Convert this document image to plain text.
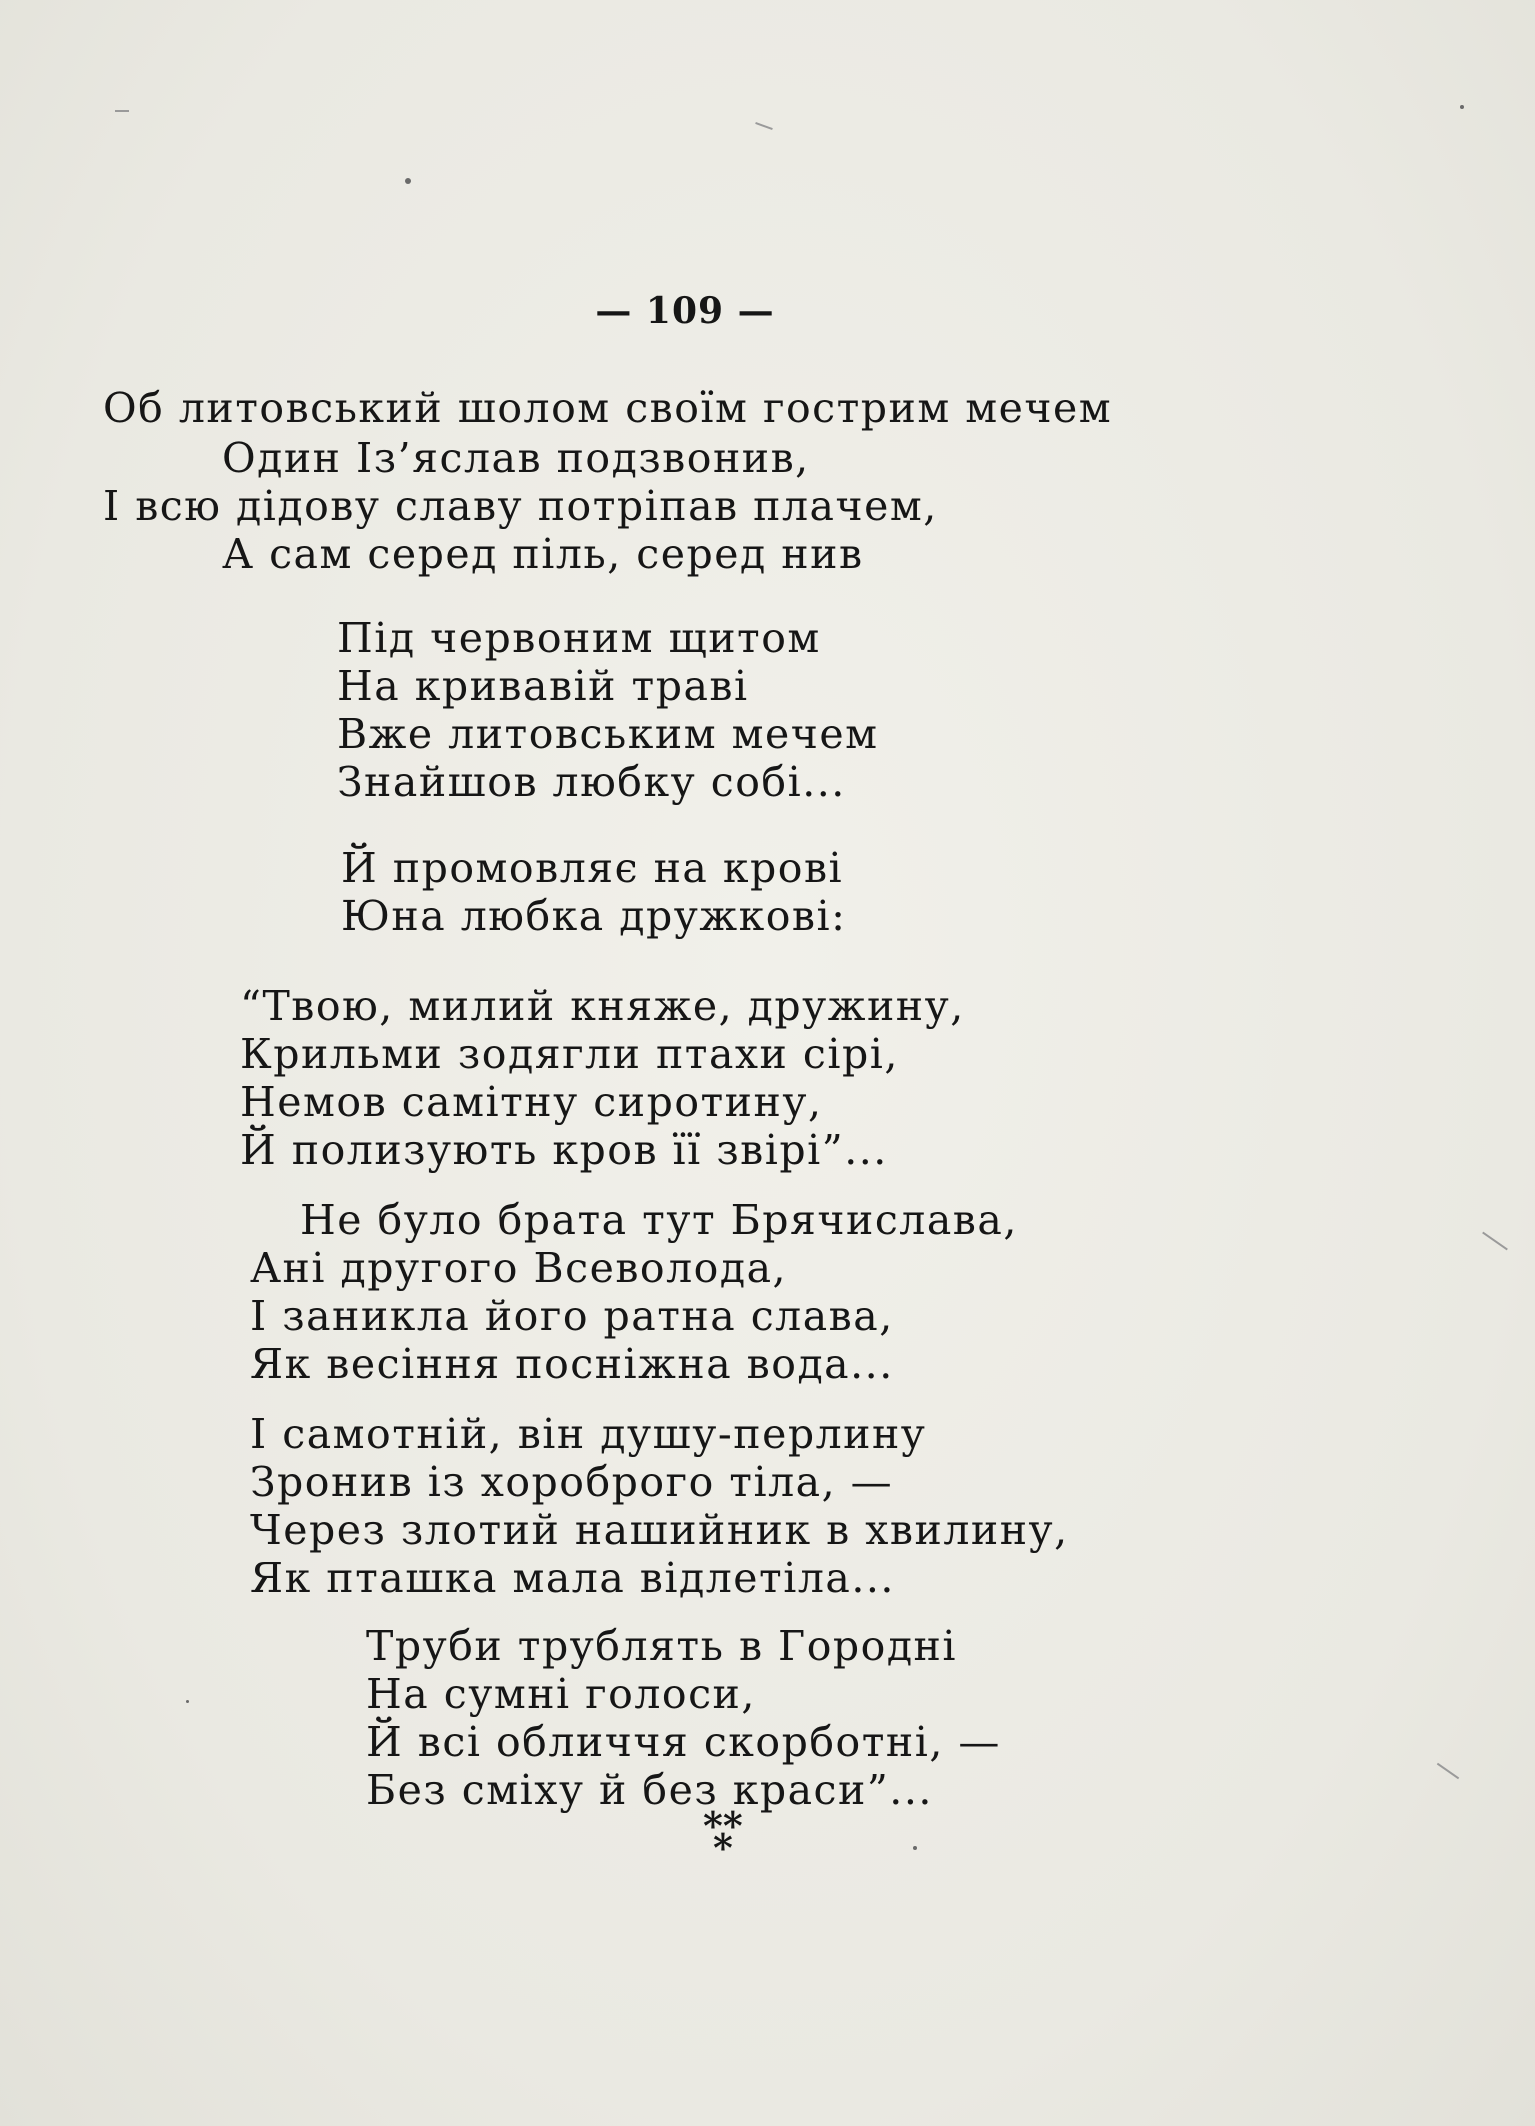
— 109 —
Об литовський шолом своїм гострим мечем
Один Із’яслав подзвонив,
І всю дідову славу потріпав плачем,
А сам серед піль, серед нив
Під червоним щитом
На кривавій траві
Вже литовським мечем
Знайшов любку собі...
Й промовляє на крові
Юна любка дружкові:
“Твою, милий княже, дружину,
Крильми зодягли птахи сірі,
Немов самітну сиротину,
Й полизують кров її звірі”...
Не було брата тут Брячислава,
Ані другого Всеволода,
І заникла його ратна слава,
Як весіння посніжна вода...
І самотній, він душу-перлину
Зронив із хороброго тіла, —
Через злотий нашийник в хвилину,
Як пташка мала відлетіла...
Труби трублять в Городні
На сумні голоси,
Й всі обличчя скорботні, —
Без сміху й без краси”...
**
*
